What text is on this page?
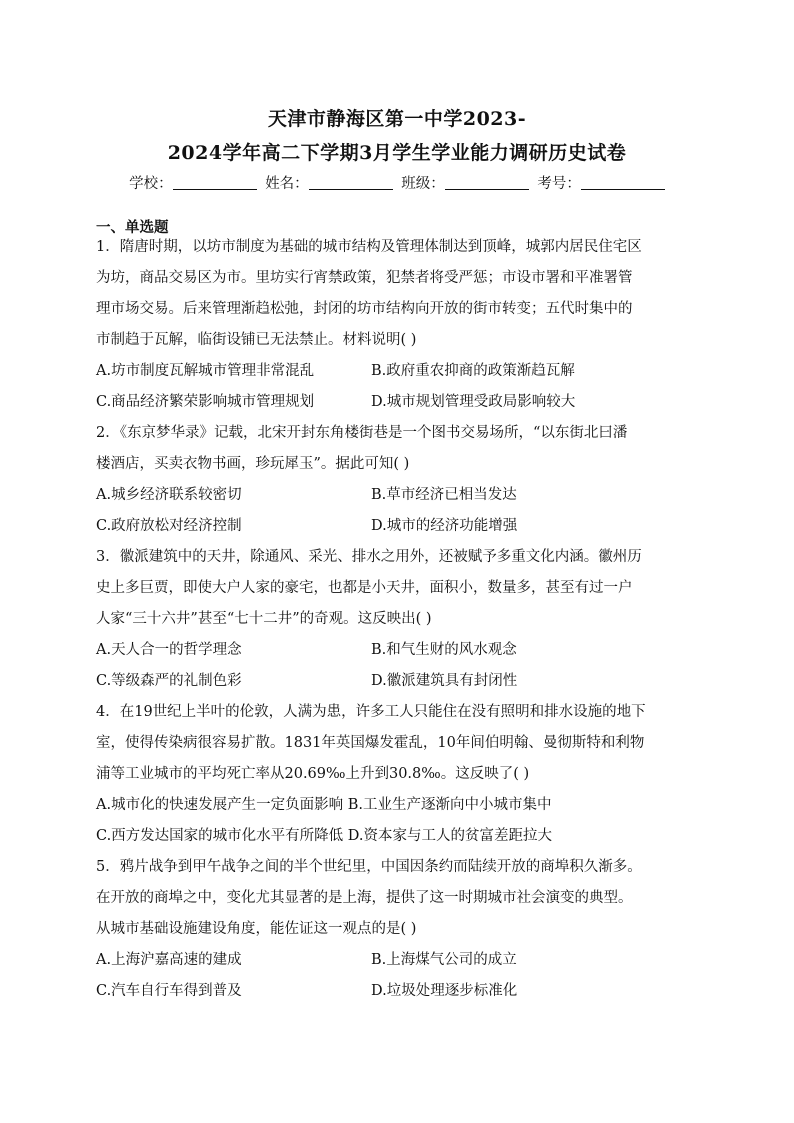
天津市静海区第一中学2023-
2024学年高二下学期3月学生学业能力调研历史试卷
学校：	姓名：	班级：	考号：
一、单选题
1．隋唐时期，以坊市制度为基础的城市结构及管理体制达到顶峰，城郭内居民住宅区
为坊，商品交易区为市。里坊实行宵禁政策，犯禁者将受严惩；市设市署和平准署管
理市场交易。后来管理渐趋松弛，封闭的坊市结构向开放的街市转变；五代时集中的
市制趋于瓦解，临街设铺已无法禁止。材料说明( )
A.坊市制度瓦解城市管理非常混乱	B.政府重农抑商的政策渐趋瓦解
C.商品经济繁荣影响城市管理规划	D.城市规划管理受政局影响较大
2．《东京梦华录》记载，北宋开封东角楼街巷是一个图书交易场所，“以东街北曰潘
楼酒店，买卖衣物书画，珍玩犀玉”。据此可知( )
A.城乡经济联系较密切	B.草市经济已相当发达
C.政府放松对经济控制	D.城市的经济功能增强
3．徽派建筑中的天井，除通风、采光、排水之用外，还被赋予多重文化内涵。徽州历
史上多巨贾，即使大户人家的豪宅，也都是小天井，面积小，数量多，甚至有过一户
人家“三十六井”甚至“七十二井”的奇观。这反映出( )
A.天人合一的哲学理念	B.和气生财的风水观念
C.等级森严的礼制色彩	D.徽派建筑具有封闭性
4．在19世纪上半叶的伦敦，人满为患，许多工人只能住在没有照明和排水设施的地下
室，使得传染病很容易扩散。1831年英国爆发霍乱，10年间伯明翰、曼彻斯特和利物
浦等工业城市的平均死亡率从20.69‰上升到30.8‰。这反映了( )
A.城市化的快速发展产生一定负面影响 B.工业生产逐渐向中小城市集中
C.西方发达国家的城市化水平有所降低 D.资本家与工人的贫富差距拉大
5．鸦片战争到甲午战争之间的半个世纪里，中国因条约而陆续开放的商埠积久渐多。
在开放的商埠之中，变化尤其显著的是上海，提供了这一时期城市社会演变的典型。
从城市基础设施建设角度，能佐证这一观点的是( )
A.上海沪嘉高速的建成	B.上海煤气公司的成立
C.汽车自行车得到普及	D.垃圾处理逐步标准化
